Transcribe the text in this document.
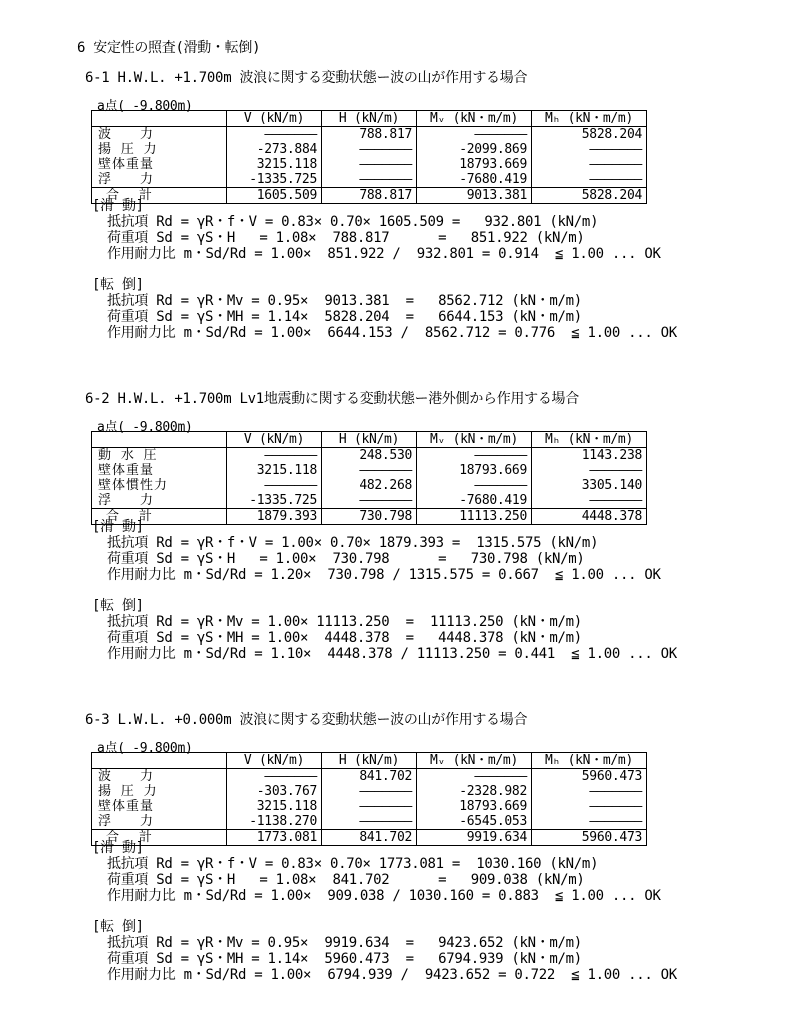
6 安定性の照査(滑動・転倒)
6-1 H.W.L. +1.700m 波浪に関する変動状態ー波の山が作用する場合
a点( -9.800m)
	V (kN/m)	H (kN/m)	Mᵥ (kN・m/m)	Mₕ (kN・m/m)
波　　力	―――――――	788.817	―――――――	5828.204
揚 圧 力	-273.884	―――――――	-2099.869	―――――――
壁体重量	3215.118	―――――――	18793.669	―――――――
浮　　力	-1335.725	―――――――	-7680.419	―――――――
合 計	1605.509	788.817	9013.381	5828.204

[滑 動]
抵抗項 Rd = γR・f・V = 0.83× 0.70× 1605.509 =   932.801 (kN/m)
荷重項 Sd = γS・H   = 1.08×  788.817      =   851.922 (kN/m)
作用耐力比 m・Sd/Rd = 1.00×  851.922 /  932.801 = 0.914  ≦ 1.00 ... OK

[転 倒]
抵抗項 Rd = γR・Mv = 0.95×  9013.381  =   8562.712 (kN・m/m)
荷重項 Sd = γS・MH = 1.14×  5828.204  =   6644.153 (kN・m/m)
作用耐力比 m・Sd/Rd = 1.00×  6644.153 /  8562.712 = 0.776  ≦ 1.00 ... OK
6-2 H.W.L. +1.700m Lv1地震動に関する変動状態ー港外側から作用する場合
a点( -9.800m)
	V (kN/m)	H (kN/m)	Mᵥ (kN・m/m)	Mₕ (kN・m/m)
動 水 圧	―――――――	248.530	―――――――	1143.238
壁体重量	3215.118	―――――――	18793.669	―――――――
壁体慣性力	―――――――	482.268	―――――――	3305.140
浮　　力	-1335.725	―――――――	-7680.419	―――――――
合 計	1879.393	730.798	11113.250	4448.378

[滑 動]
抵抗項 Rd = γR・f・V = 1.00× 0.70× 1879.393 =  1315.575 (kN/m)
荷重項 Sd = γS・H   = 1.00×  730.798      =   730.798 (kN/m)
作用耐力比 m・Sd/Rd = 1.20×  730.798 / 1315.575 = 0.667  ≦ 1.00 ... OK

[転 倒]
抵抗項 Rd = γR・Mv = 1.00× 11113.250  =  11113.250 (kN・m/m)
荷重項 Sd = γS・MH = 1.00×  4448.378  =   4448.378 (kN・m/m)
作用耐力比 m・Sd/Rd = 1.10×  4448.378 / 11113.250 = 0.441  ≦ 1.00 ... OK
6-3 L.W.L. +0.000m 波浪に関する変動状態ー波の山が作用する場合
a点( -9.800m)
	V (kN/m)	H (kN/m)	Mᵥ (kN・m/m)	Mₕ (kN・m/m)
波　　力	―――――――	841.702	―――――――	5960.473
揚 圧 力	-303.767	―――――――	-2328.982	―――――――
壁体重量	3215.118	―――――――	18793.669	―――――――
浮　　力	-1138.270	―――――――	-6545.053	―――――――
合 計	1773.081	841.702	9919.634	5960.473

[滑 動]
抵抗項 Rd = γR・f・V = 0.83× 0.70× 1773.081 =  1030.160 (kN/m)
荷重項 Sd = γS・H   = 1.08×  841.702      =   909.038 (kN/m)
作用耐力比 m・Sd/Rd = 1.00×  909.038 / 1030.160 = 0.883  ≦ 1.00 ... OK

[転 倒]
抵抗項 Rd = γR・Mv = 0.95×  9919.634  =   9423.652 (kN・m/m)
荷重項 Sd = γS・MH = 1.14×  5960.473  =   6794.939 (kN・m/m)
作用耐力比 m・Sd/Rd = 1.00×  6794.939 /  9423.652 = 0.722  ≦ 1.00 ... OK
